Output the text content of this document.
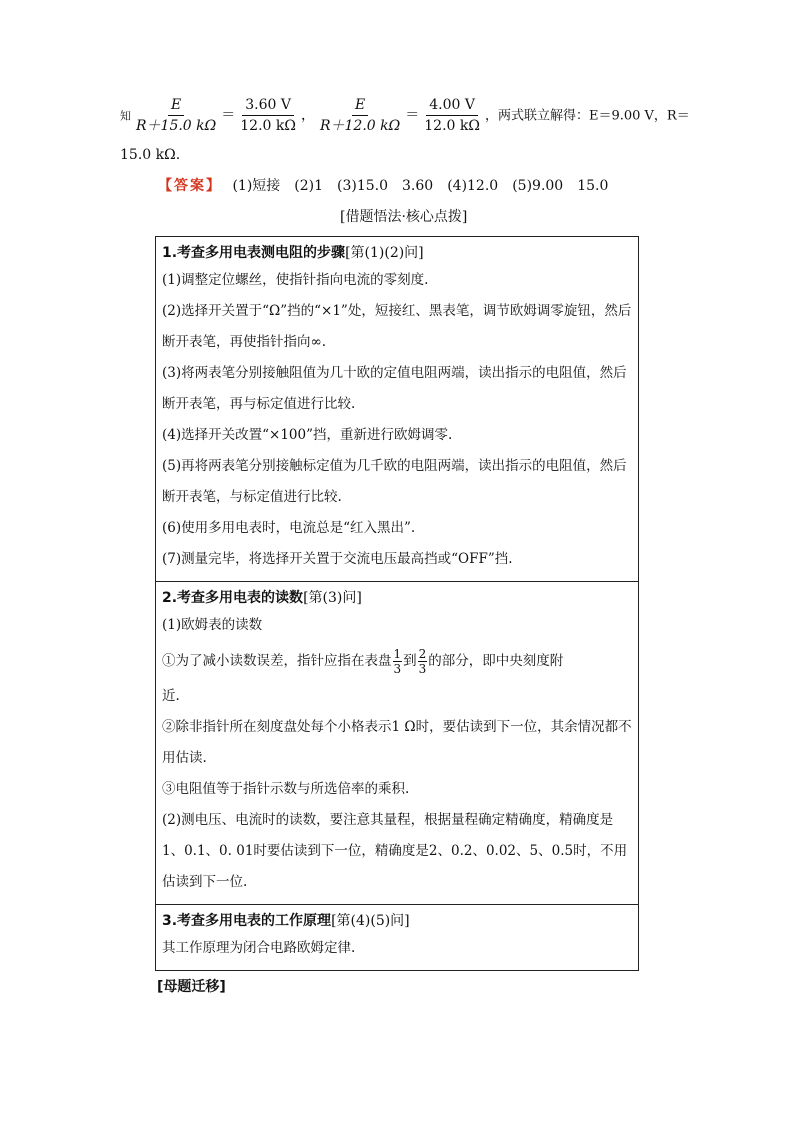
知 $\frac{E}{R+15.0 k\Omega} = \frac{3.60 V}{12.0 k\Omega}$ ， $\frac{E}{R+12.0 k\Omega} = \frac{4.00 V}{12.0 k\Omega}$ ，两式联立解得：E＝9.00 V，R＝
15.0 kΩ.
【答案】 (1)短接　(2)1　(3)15.0　3.60　(4)12.0　(5)9.00　15.0
[借题悟法·核心点拨]
1.考查多用电表测电阻的步骤[第(1)(2)问]
(1)调整定位螺丝，使指针指向电流的零刻度.
(2)选择开关置于“Ω”挡的“×1”处，短接红、黑表笔，调节欧姆调零旋钮，然后断开表笔，再使指针指向∞.
(3)将两表笔分别接触阻值为几十欧的定值电阻两端，读出指示的电阻值，然后断开表笔，再与标定值进行比较.
(4)选择开关改置“×100”挡，重新进行欧姆调零.
(5)再将两表笔分别接触标定值为几千欧的电阻两端，读出指示的电阻值，然后断开表笔，与标定值进行比较.
(6)使用多用电表时，电流总是“红入黑出”.
(7)测量完毕，将选择开关置于交流电压最高挡或“OFF”挡.

2.考查多用电表的读数[第(3)问]
(1)欧姆表的读数
①为了减小读数误差，指针应指在表盘 $\frac{1}{3}$ 到 $\frac{2}{3}$ 的部分，即中央刻度附
近.
②除非指针所在刻度盘处每个小格表示1 Ω时，要估读到下一位，其余情况都不用估读.
③电阻值等于指针示数与所选倍率的乘积.
(2)测电压、电流时的读数，要注意其量程，根据量程确定精确度，精确度是1、0.1、0. 01时要估读到下一位，精确度是2、0.2、0.02、5、0.5时，不用估读到下一位.

3.考查多用电表的工作原理[第(4)(5)问]
其工作原理为闭合电路欧姆定律.
[母题迁移]
